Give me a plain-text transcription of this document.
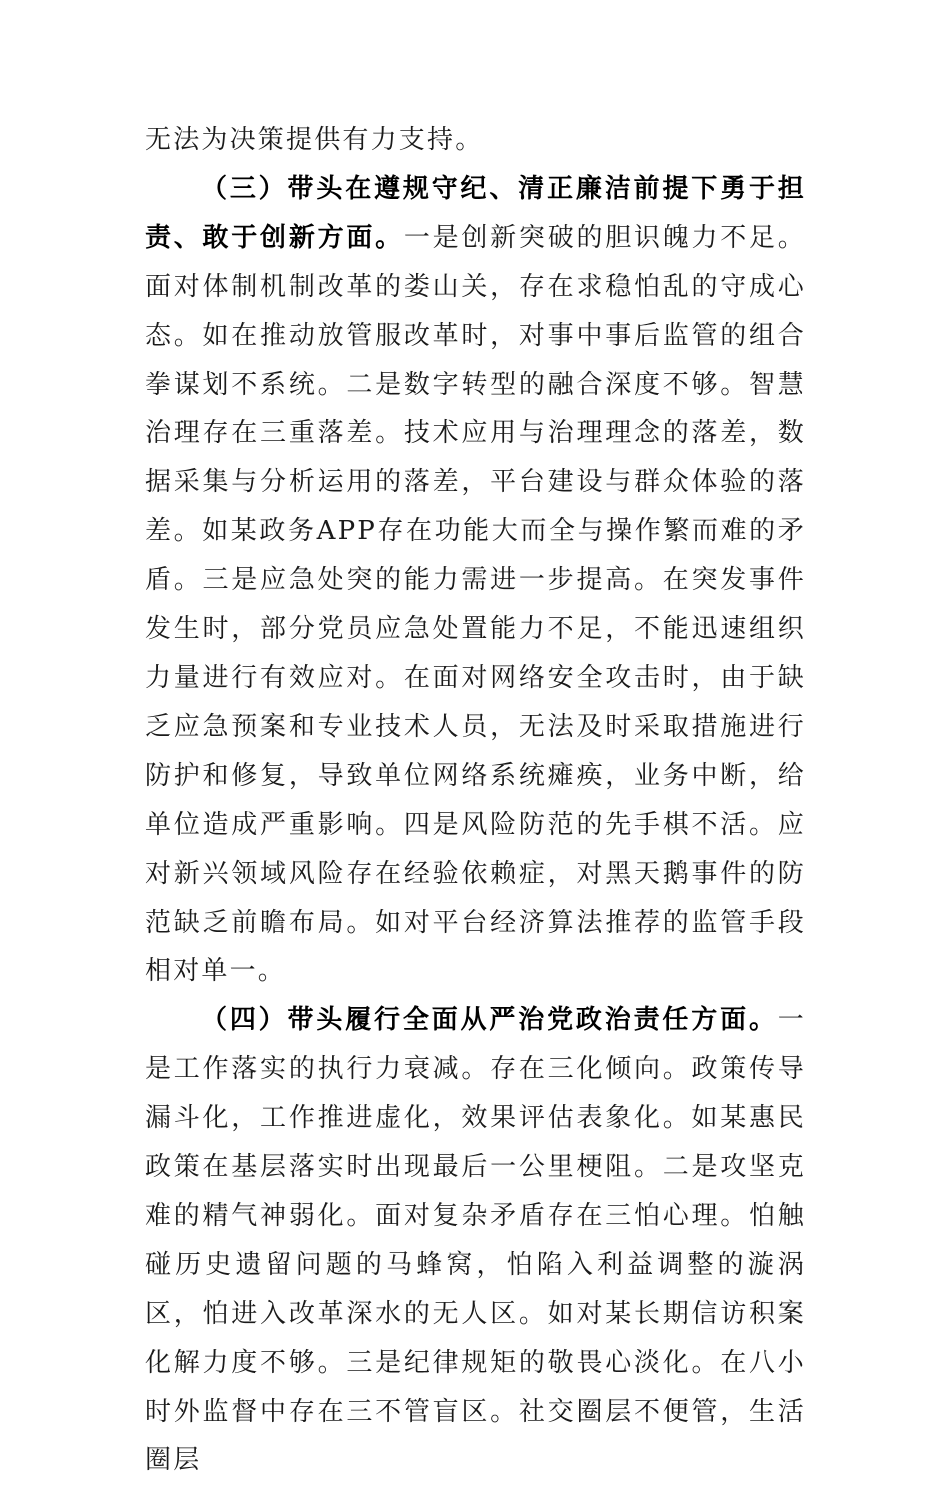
无法为决策提供有力支持。

（三）带头在遵规守纪、清正廉洁前提下勇于担责、敢于创新方面。一是创新突破的胆识魄力不足。面对体制机制改革的娄山关，存在求稳怕乱的守成心态。如在推动放管服改革时，对事中事后监管的组合拳谋划不系统。二是数字转型的融合深度不够。智慧治理存在三重落差。技术应用与治理理念的落差，数据采集与分析运用的落差，平台建设与群众体验的落差。如某政务APP存在功能大而全与操作繁而难的矛盾。三是应急处突的能力需进一步提高。在突发事件发生时，部分党员应急处置能力不足，不能迅速组织力量进行有效应对。在面对网络安全攻击时，由于缺乏应急预案和专业技术人员，无法及时采取措施进行防护和修复，导致单位网络系统瘫痪，业务中断，给单位造成严重影响。四是风险防范的先手棋不活。应对新兴领域风险存在经验依赖症，对黑天鹅事件的防范缺乏前瞻布局。如对平台经济算法推荐的监管手段相对单一。

（四）带头履行全面从严治党政治责任方面。一是工作落实的执行力衰减。存在三化倾向。政策传导漏斗化，工作推进虚化，效果评估表象化。如某惠民政策在基层落实时出现最后一公里梗阻。二是攻坚克难的精气神弱化。面对复杂矛盾存在三怕心理。怕触碰历史遗留问题的马蜂窝，怕陷入利益调整的漩涡区，怕进入改革深水的无人区。如对某长期信访积案化解力度不够。三是纪律规矩的敬畏心淡化。在八小时外监督中存在三不管盲区。社交圈层不便管，生活圈层
